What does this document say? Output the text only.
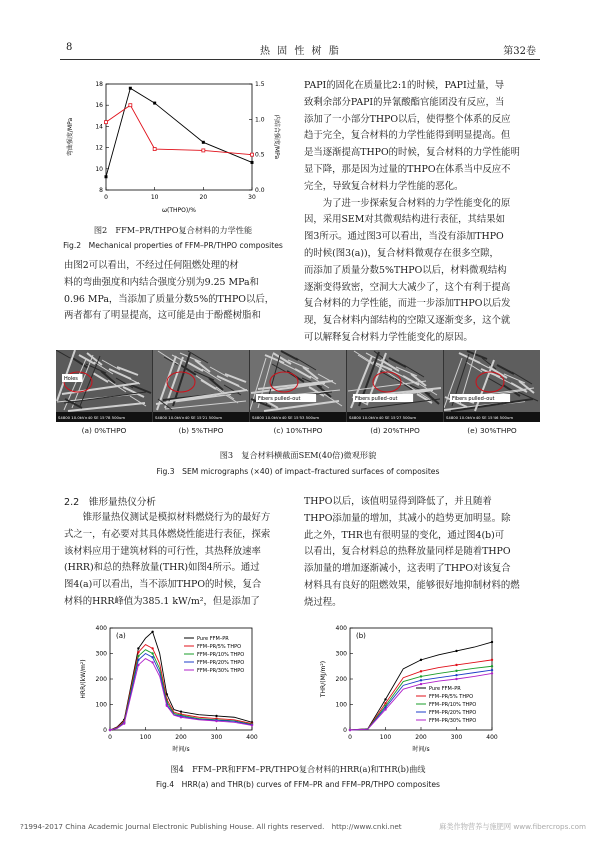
8	热 固 性 树 脂	第32卷
0	10	20	30
8
10
12
14
16
18
0.0
0.5
1.0
1.5
弯曲强度/MPa	内结合强度/MPa
ω(THPO)/%
图2　FFM–PR/THPO复合材料的力学性能
Fig.2　Mechanical properties of FFM–PR/THPO composites
由图2可以看出，不经过任何阻燃处理的材
料的弯曲强度和内结合强度分别为9.25 MPa和
0.96 MPa，当添加了质量分数5%的THPO以后，
两者都有了明显提高，这可能是由于酚醛树脂和
PAPI的固化在质量比2:1的时候，PAPI过量，导
致剩余部分PAPI的异氰酸酯官能团没有反应，当
添加了一小部分THPO以后，使得整个体系的反应
趋于完全，复合材料的力学性能得到明显提高。但
是当逐渐提高THPO的时候，复合材料的力学性能明
显下降，那是因为过量的THPO在体系当中反应不
完全，导致复合材料力学性能的恶化。
　　为了进一步探索复合材料的力学性能变化的原
因，采用SEM对其微观结构进行表征，其结果如
图3所示。通过图3可以看出，当没有添加THPO
的时候(图3(a))，复合材料微观存在很多空隙，
而添加了质量分数5%THPO以后，材料微观结构
逐渐变得致密，空洞大大减少了，这个有利于提高
复合材料的力学性能，而进一步添加THPO以后发
现，复合材料内部结构的空隙又逐渐变多，这个就
可以解释复合材料力学性能变化的原因。
Holes
S4800 10.0kV×40 SE 15'78 500um	S4800 10.0kV×40 SE 15'21 500um
Fibers pulled–out
S4800 10.0kV×40 SE 15'53 500um
Fibers pulled–out
S4800 10.0kV×40 SE 15'27 500um
Fibers pulled–out
S4800 10.0kV×40 SE 15'46 500um
(a) 0%THPO	(b) 5%THPO	(c) 10%THPO	(d) 20%THPO	(e) 30%THPO
图3　复合材料横截面SEM(40倍)微观形貌
Fig.3　SEM micrographs (×40) of impact–fractured surfaces of composites
2.2　锥形量热仪分析
　　锥形量热仪测试是模拟材料燃烧行为的最好方
式之一，有必要对其具体燃烧性能进行表征，探索
该材料应用于建筑材料的可行性，其热释放速率
(HRR)和总的热释放量(THR)如图4所示。通过
图4(a)可以看出，当不添加THPO的时候，复合
材料的HRR峰值为385.1 kW/m²，但是添加了
THPO以后，该值明显得到降低了，并且随着
THPO添加量的增加，其减小的趋势更加明显。除
此之外，THR也有很明显的变化，通过图4(b)可
以看出，复合材料总的热释放量同样是随着THPO
添加量的增加逐渐减小，这表明了THPO对该复合
材料具有良好的阻燃效果，能够很好地抑制材料的燃
烧过程。
0	100	200	300	400
0
100
200
300
400
Pure FFM–PR
FFM–PR/5% THPO
FFM–PR/10% THPO
FFM–PR/20% THPO
FFM–PR/30% THPO
(a)
HRR/(kW/m²)
时间/s
0	100	200	300	400
0
100
200
300
400
Pure FFM–PR
FFM–PR/5% THPO
FFM–PR/10% THPO
FFM–PR/20% THPO
FFM–PR/30% THPO
(b)
THR/(MJ/m²)
时间/s
图4　FFM–PR和FFM–PR/THPO复合材料的HRR(a)和THR(b)曲线
Fig.4　HRR(a) and THR(b) curves of FFM–PR and FFM–PR/THPO composites
?1994-2017 China Academic Journal Electronic Publishing House. All rights reserved.　http://www.cnki.net	麻类作物营养与施肥网 www.fibercrops.com
